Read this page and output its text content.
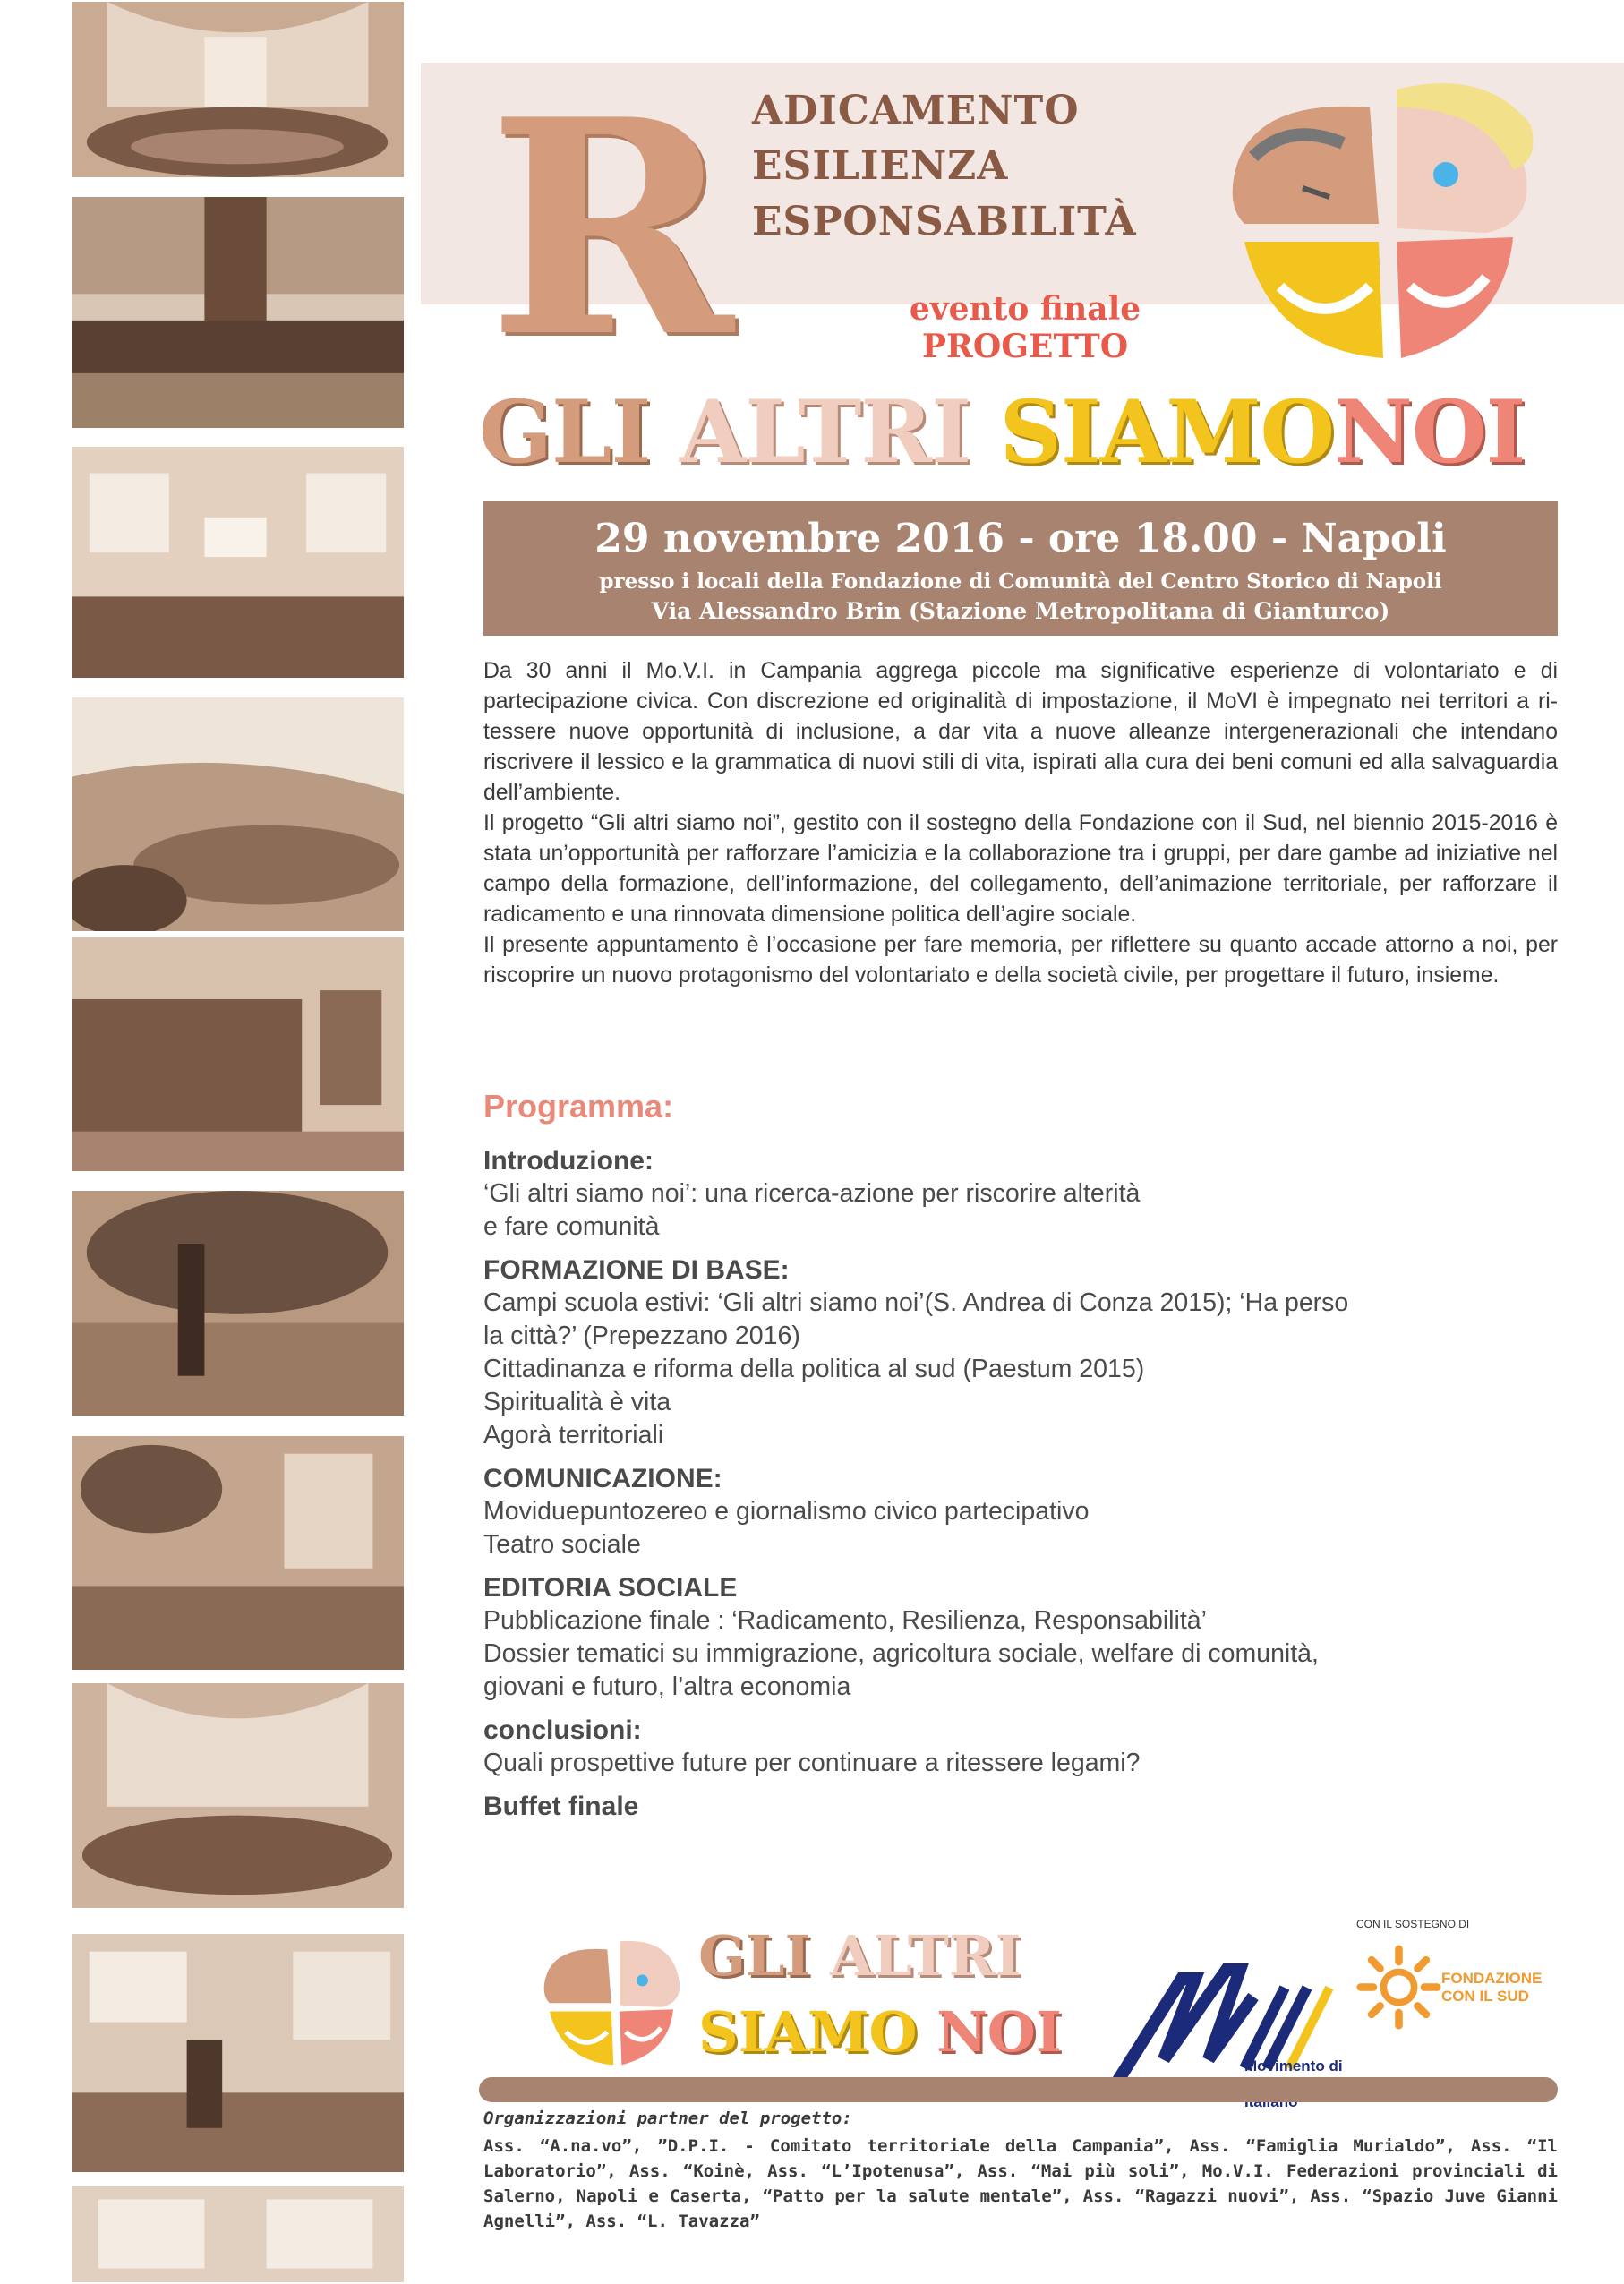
R ADICAMENTO
ESILIENZA
ESPONSABILITÀ
evento finale
PROGETTO
GLI ALTRI SIAMONOI
29 novembre 2016 - ore 18.00 - Napoli
presso i locali della Fondazione di Comunità del Centro Storico di Napoli
Via Alessandro Brin (Stazione Metropolitana di Gianturco)

Da 30 anni il Mo.V.I. in Campania aggrega piccole ma significative esperienze di volontariato e di partecipazione civica. Con discrezione ed originalità di impostazione, il MoVI è impegnato nei territori a ri-tessere nuove opportunità di inclusione, a dar vita a nuove alleanze intergenerazionali che intendano riscrivere il lessico e la grammatica di nuovi stili di vita, ispirati alla cura dei beni comuni ed alla salvaguardia dell’ambiente.

Il progetto “Gli altri siamo noi”, gestito con il sostegno della Fondazione con il Sud, nel biennio 2015-2016 è stata un’opportunità per rafforzare l’amicizia e la collaborazione tra i gruppi, per dare gambe ad iniziative nel campo della formazione, dell’informazione, del collegamento, dell’animazione territoriale, per rafforzare il radicamento e una rinnovata dimensione politica dell’agire sociale.

Il presente appuntamento è l’occasione per fare memoria, per riflettere su quanto accade attorno a noi, per riscoprire un nuovo protagonismo del volontariato e della società civile, per progettare il futuro, insieme.

Programma:
Introduzione:
‘Gli altri siamo noi’: una ricerca-azione per riscorire alterità
e fare comunità
FORMAZIONE DI BASE:
Campi scuola estivi: ‘Gli altri siamo noi’(S. Andrea di Conza 2015); ‘Ha perso
la città?’ (Prepezzano 2016)
Cittadinanza e riforma della politica al sud (Paestum 2015)
Spiritualità è vita
Agorà territoriali
COMUNICAZIONE:
Moviduepuntozereo e giornalismo civico partecipativo
Teatro sociale
EDITORIA SOCIALE
Pubblicazione finale : ‘Radicamento, Resilienza, Responsabilità’
Dossier tematici su immigrazione, agricoltura sociale, welfare di comunità,
giovani e futuro, l’altra economia
conclusioni:
Quali prospettive future per continuare a ritessere legami?
Buffet finale
GLI ALTRI
SIAMO NOI
Movimento di
CON IL SOSTEGNO DI
FONDAZIONE
CON IL SUD
Organizzazioni partner del progetto:
Ass. “A.na.vo”, ”D.P.I. - Comitato territoriale della Campania”, Ass. “Famiglia Murialdo”, Ass. “Il Laboratorio”, Ass. “Koinè, Ass. “L’Ipotenusa”, Ass. “Mai più soli”, Mo.V.I. Federazioni provinciali di Salerno, Napoli e Caserta, “Patto per la salute mentale”, Ass. “Ragazzi nuovi”, Ass. “Spazio Juve Gianni Agnelli”, Ass. “L. Tavazza”
